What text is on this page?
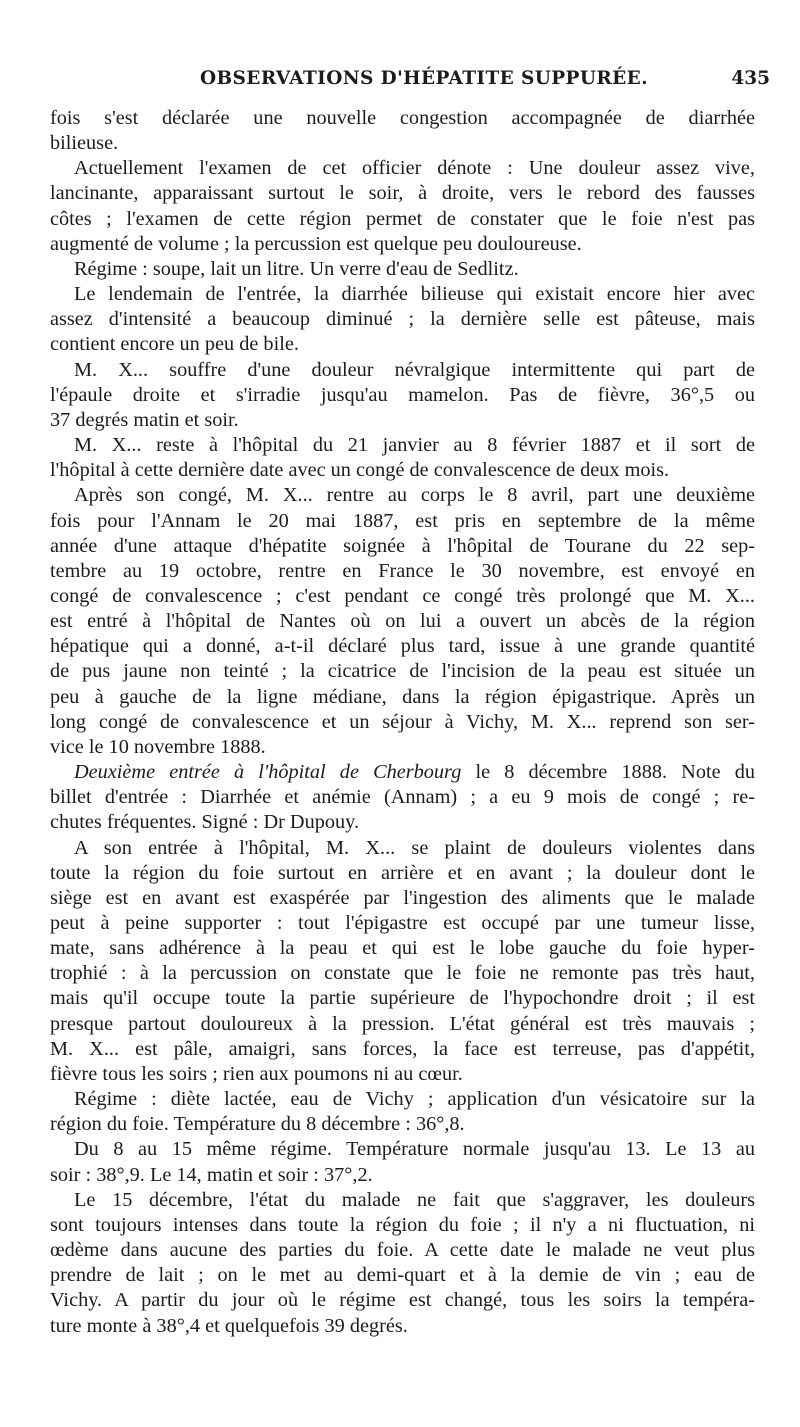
OBSERVATIONS D'HÉPATITE SUPPURÉE.	435
fois s'est déclarée une nouvelle congestion accompagnée de diarrhée
bilieuse.
Actuellement l'examen de cet officier dénote : Une douleur assez vive,
lancinante, apparaissant surtout le soir, à droite, vers le rebord des fausses
côtes ; l'examen de cette région permet de constater que le foie n'est pas
augmenté de volume ; la percussion est quelque peu douloureuse.
Régime : soupe, lait un litre. Un verre d'eau de Sedlitz.
Le lendemain de l'entrée, la diarrhée bilieuse qui existait encore hier avec
assez d'intensité a beaucoup diminué ; la dernière selle est pâteuse, mais
contient encore un peu de bile.
M. X... souffre d'une douleur névralgique intermittente qui part de
l'épaule droite et s'irradie jusqu'au mamelon. Pas de fièvre, 36°,5 ou
37 degrés matin et soir.
M. X... reste à l'hôpital du 21 janvier au 8 février 1887 et il sort de
l'hôpital à cette dernière date avec un congé de convalescence de deux mois.
Après son congé, M. X... rentre au corps le 8 avril, part une deuxième
fois pour l'Annam le 20 mai 1887, est pris en septembre de la même
année d'une attaque d'hépatite soignée à l'hôpital de Tourane du 22 sep-
tembre au 19 octobre, rentre en France le 30 novembre, est envoyé en
congé de convalescence ; c'est pendant ce congé très prolongé que M. X...
est entré à l'hôpital de Nantes où on lui a ouvert un abcès de la région
hépatique qui a donné, a-t-il déclaré plus tard, issue à une grande quantité
de pus jaune non teinté ; la cicatrice de l'incision de la peau est située un
peu à gauche de la ligne médiane, dans la région épigastrique. Après un
long congé de convalescence et un séjour à Vichy, M. X... reprend son ser-
vice le 10 novembre 1888.
Deuxième entrée à l'hôpital de Cherbourg le 8 décembre 1888. Note du
billet d'entrée : Diarrhée et anémie (Annam) ; a eu 9 mois de congé ; re-
chutes fréquentes. Signé : Dr Dupouy.
A son entrée à l'hôpital, M. X... se plaint de douleurs violentes dans
toute la région du foie surtout en arrière et en avant ; la douleur dont le
siège est en avant est exaspérée par l'ingestion des aliments que le malade
peut à peine supporter : tout l'épigastre est occupé par une tumeur lisse,
mate, sans adhérence à la peau et qui est le lobe gauche du foie hyper-
trophié : à la percussion on constate que le foie ne remonte pas très haut,
mais qu'il occupe toute la partie supérieure de l'hypochondre droit ; il est
presque partout douloureux à la pression. L'état général est très mauvais ;
M. X... est pâle, amaigri, sans forces, la face est terreuse, pas d'appétit,
fièvre tous les soirs ; rien aux poumons ni au cœur.
Régime : diète lactée, eau de Vichy ; application d'un vésicatoire sur la
région du foie. Température du 8 décembre : 36°,8.
Du 8 au 15 même régime. Température normale jusqu'au 13. Le 13 au
soir : 38°,9. Le 14, matin et soir : 37°,2.
Le 15 décembre, l'état du malade ne fait que s'aggraver, les douleurs
sont toujours intenses dans toute la région du foie ; il n'y a ni fluctuation, ni
œdème dans aucune des parties du foie. A cette date le malade ne veut plus
prendre de lait ; on le met au demi-quart et à la demie de vin ; eau de
Vichy. A partir du jour où le régime est changé, tous les soirs la tempéra-
ture monte à 38°,4 et quelquefois 39 degrés.
